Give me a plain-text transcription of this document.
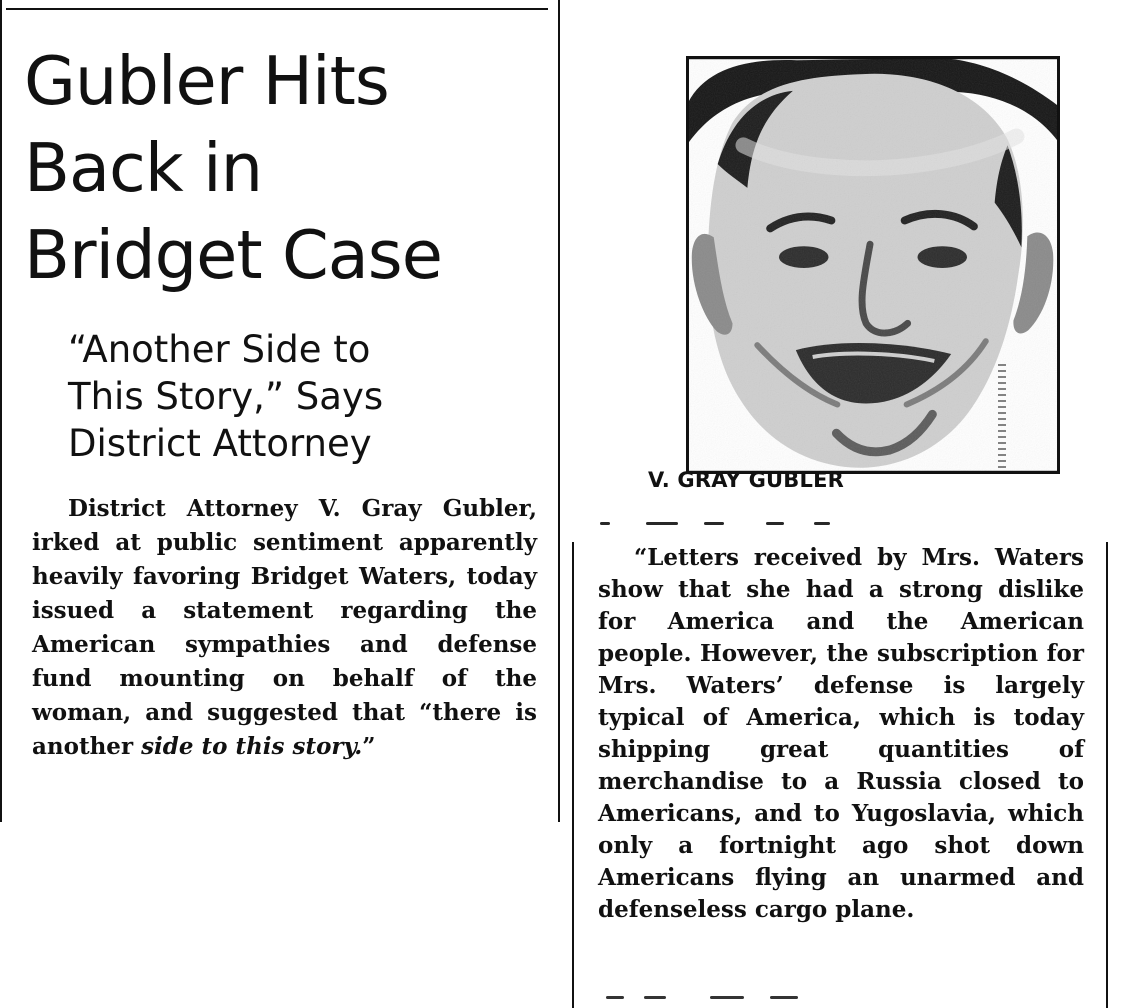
Gubler Hits
Back in
Bridget Case
“Another Side to
This Story,” Says
District Attorney

District Attorney V. Gray Gubler, irked at public sentiment apparently heavily favoring Bridget Waters, today issued a statement regarding the American sympathies and defense fund mounting on behalf of the woman, and suggested that “there is another side to this story.”

V. GRAY GUBLER

“Letters received by Mrs. Waters show that she had a strong dislike for America and the American people. However, the subscription for Mrs. Waters’ defense is largely typical of America, which is today shipping great quantities of merchandise to a Russia closed to Americans, and to Yugoslavia, which only a fortnight ago shot down Americans flying an unarmed and defenseless cargo plane.
